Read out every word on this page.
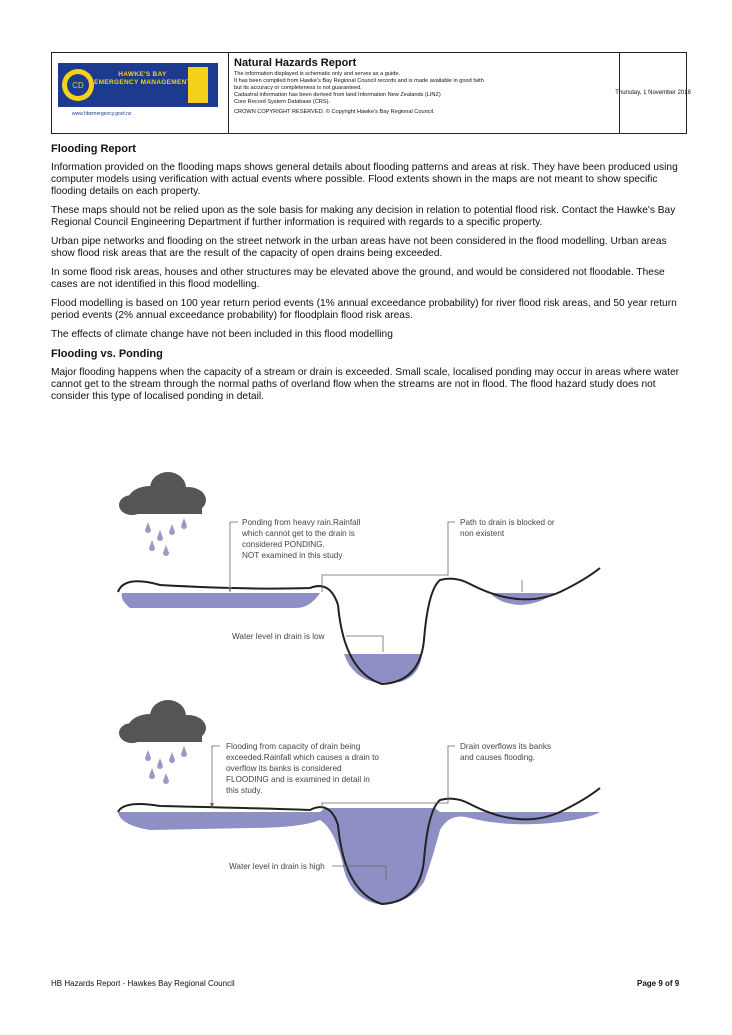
CD
HAWKE'S BAY
EMERGENCY MANAGEMENT
www.hbemergency.govt.nz

Natural Hazards Report

The information displayed is schematic only and serves as a guide.

It has been compiled from Hawke's Bay Regional Council records and is made available in good faith

but its accuracy or completeness is not guaranteed.

Cadastral information has been derived from land Information New Zealands (LINZ)

Core Record System Database (CRS).

CROWN COPYRIGHT RESERVED. © Copyright Hawke's Bay Regional Council.

Thursday, 1 November 2018

Flooding Report

Information provided on the flooding maps shows general details about flooding patterns and areas at risk. They have been produced using computer models using verification with actual events where possible. Flood extents shown in the maps are not meant to show specific flooding details on each property.

These maps should not be relied upon as the sole basis for making any decision in relation to potential flood risk. Contact the Hawke's Bay Regional Council Engineering Department if further information is required with regards to a specific property.

Urban pipe networks and flooding on the street network in the urban areas have not been considered in the flood modelling. Urban areas show flood risk areas that are the result of the capacity of open drains being exceeded.

In some flood risk areas, houses and other structures may be elevated above the ground, and would be considered not floodable. These cases are not identified in this flood modelling.

Flood modelling is based on 100 year return period events (1% annual exceedance probability) for river flood risk areas, and 50 year return period events (2% annual exceedance probability) for floodplain flood risk areas.

The effects of climate change have not been included in this flood modelling

Flooding vs. Ponding

Major flooding happens when the capacity of a stream or drain is exceeded. Small scale, localised ponding may occur in areas where water cannot get to the stream through the normal paths of overland flow when the streams are not in flood. The flood hazard study does not consider this type of localised ponding in detail.

Ponding from heavy rain.Rainfall
which cannot get to the drain is
considered PONDING.
NOT examined in this study
Path to drain is blocked or
non existent
Water level in drain is low
Flooding from capacity of drain being
exceeded.Rainfall which causes a drain to
overflow its banks is considered
FLOODING and is examined in detail in
this study.
Drain overflows its banks
and causes flooding.
Water level in drain is high
HB Hazards Report - Hawkes Bay Regional Council	Page 9 of 9
